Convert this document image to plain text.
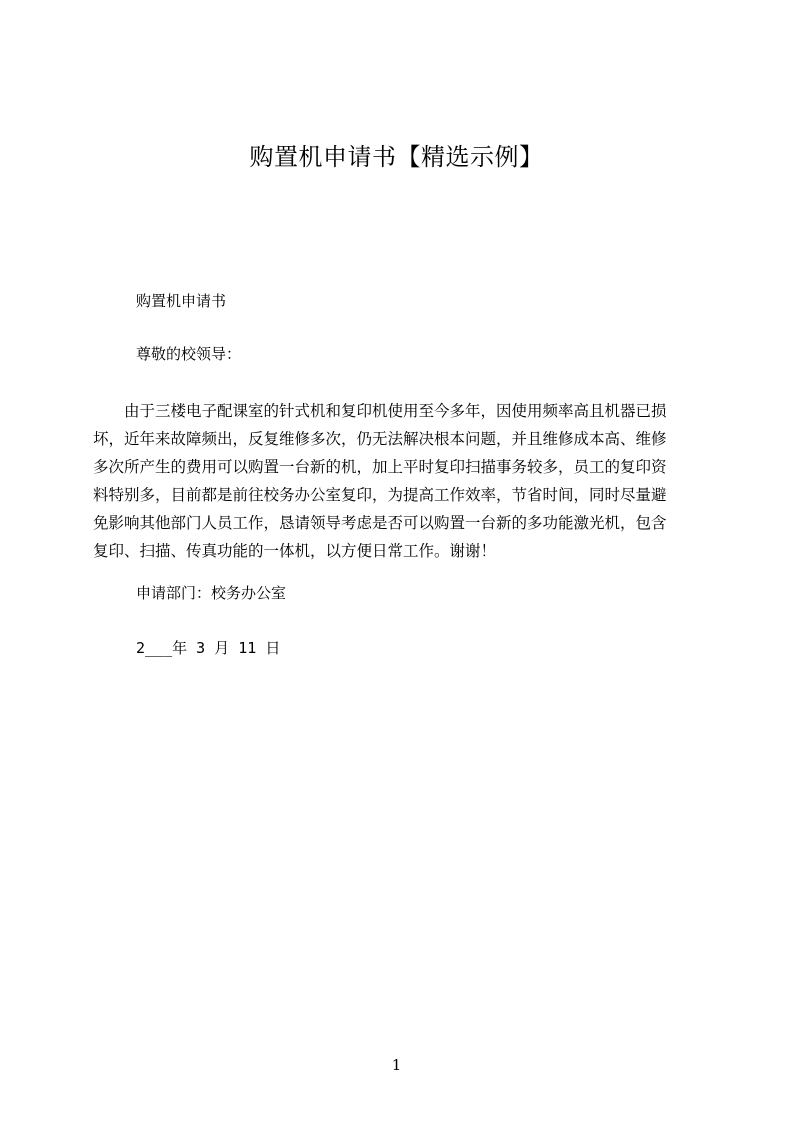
购置机申请书【精选示例】
购置机申请书
尊敬的校领导：
由于三楼电子配课室的针式机和复印机使用至今多年，因使用频率高且机器已损
坏，近年来故障频出，反复维修多次，仍无法解决根本问题，并且维修成本高、维修
多次所产生的费用可以购置一台新的机，加上平时复印扫描事务较多，员工的复印资
料特别多，目前都是前往校务办公室复印，为提高工作效率，节省时间，同时尽量避
免影响其他部门人员工作，恳请领导考虑是否可以购置一台新的多功能激光机，包含
复印、扫描、传真功能的一体机，以方便日常工作。谢谢！
申请部门：校务办公室
2___年 3 月 11 日
1
